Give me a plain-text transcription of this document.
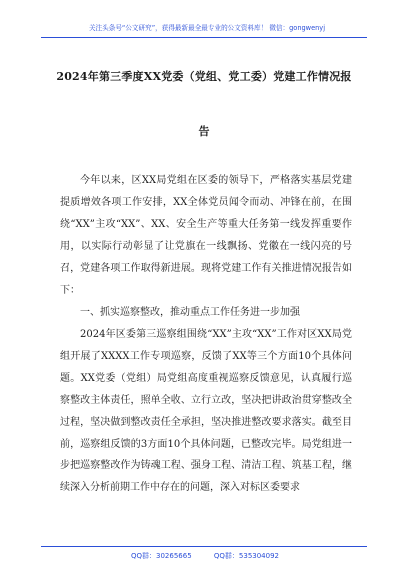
关注头条号“公文研究”，获得最新最全最专业的公文资料库！ 微信：gongwenyj
2024年第三季度XX党委（党组、党工委）党建工作情况报
告

今年以来，区XX局党组在区委的领导下，严格落实基层党建提质增效各项工作安排，XX全体党员闻令而动、冲锋在前，在围绕“XX”主攻“XX”、XX、安全生产等重大任务第一线发挥重要作用，以实际行动彰显了让党旗在一线飘扬、党徽在一线闪亮的号召，党建各项工作取得新进展。现将党建工作有关推进情况报告如下：

一、抓实巡察整改，推动重点工作任务进一步加强

2024年区委第三巡察组围绕“XX”主攻“XX”工作对区XX局党组开展了XXXX工作专项巡察，反馈了XX等三个方面10个具体问题。XX党委（党组）局党组高度重视巡察反馈意见，认真履行巡察整改主体责任，照单全收、立行立改，坚决把讲政治贯穿整改全过程，坚决做到整改责任全承担，坚决推进整改要求落实。截至目前，巡察组反馈的3方面10个具体问题，已整改完毕。局党组进一步把巡察整改作为铸魂工程、强身工程、清洁工程、筑基工程，继续深入分析前期工作中存在的问题，深入对标区委要求

QQ群：30265665	QQ群：535304092
